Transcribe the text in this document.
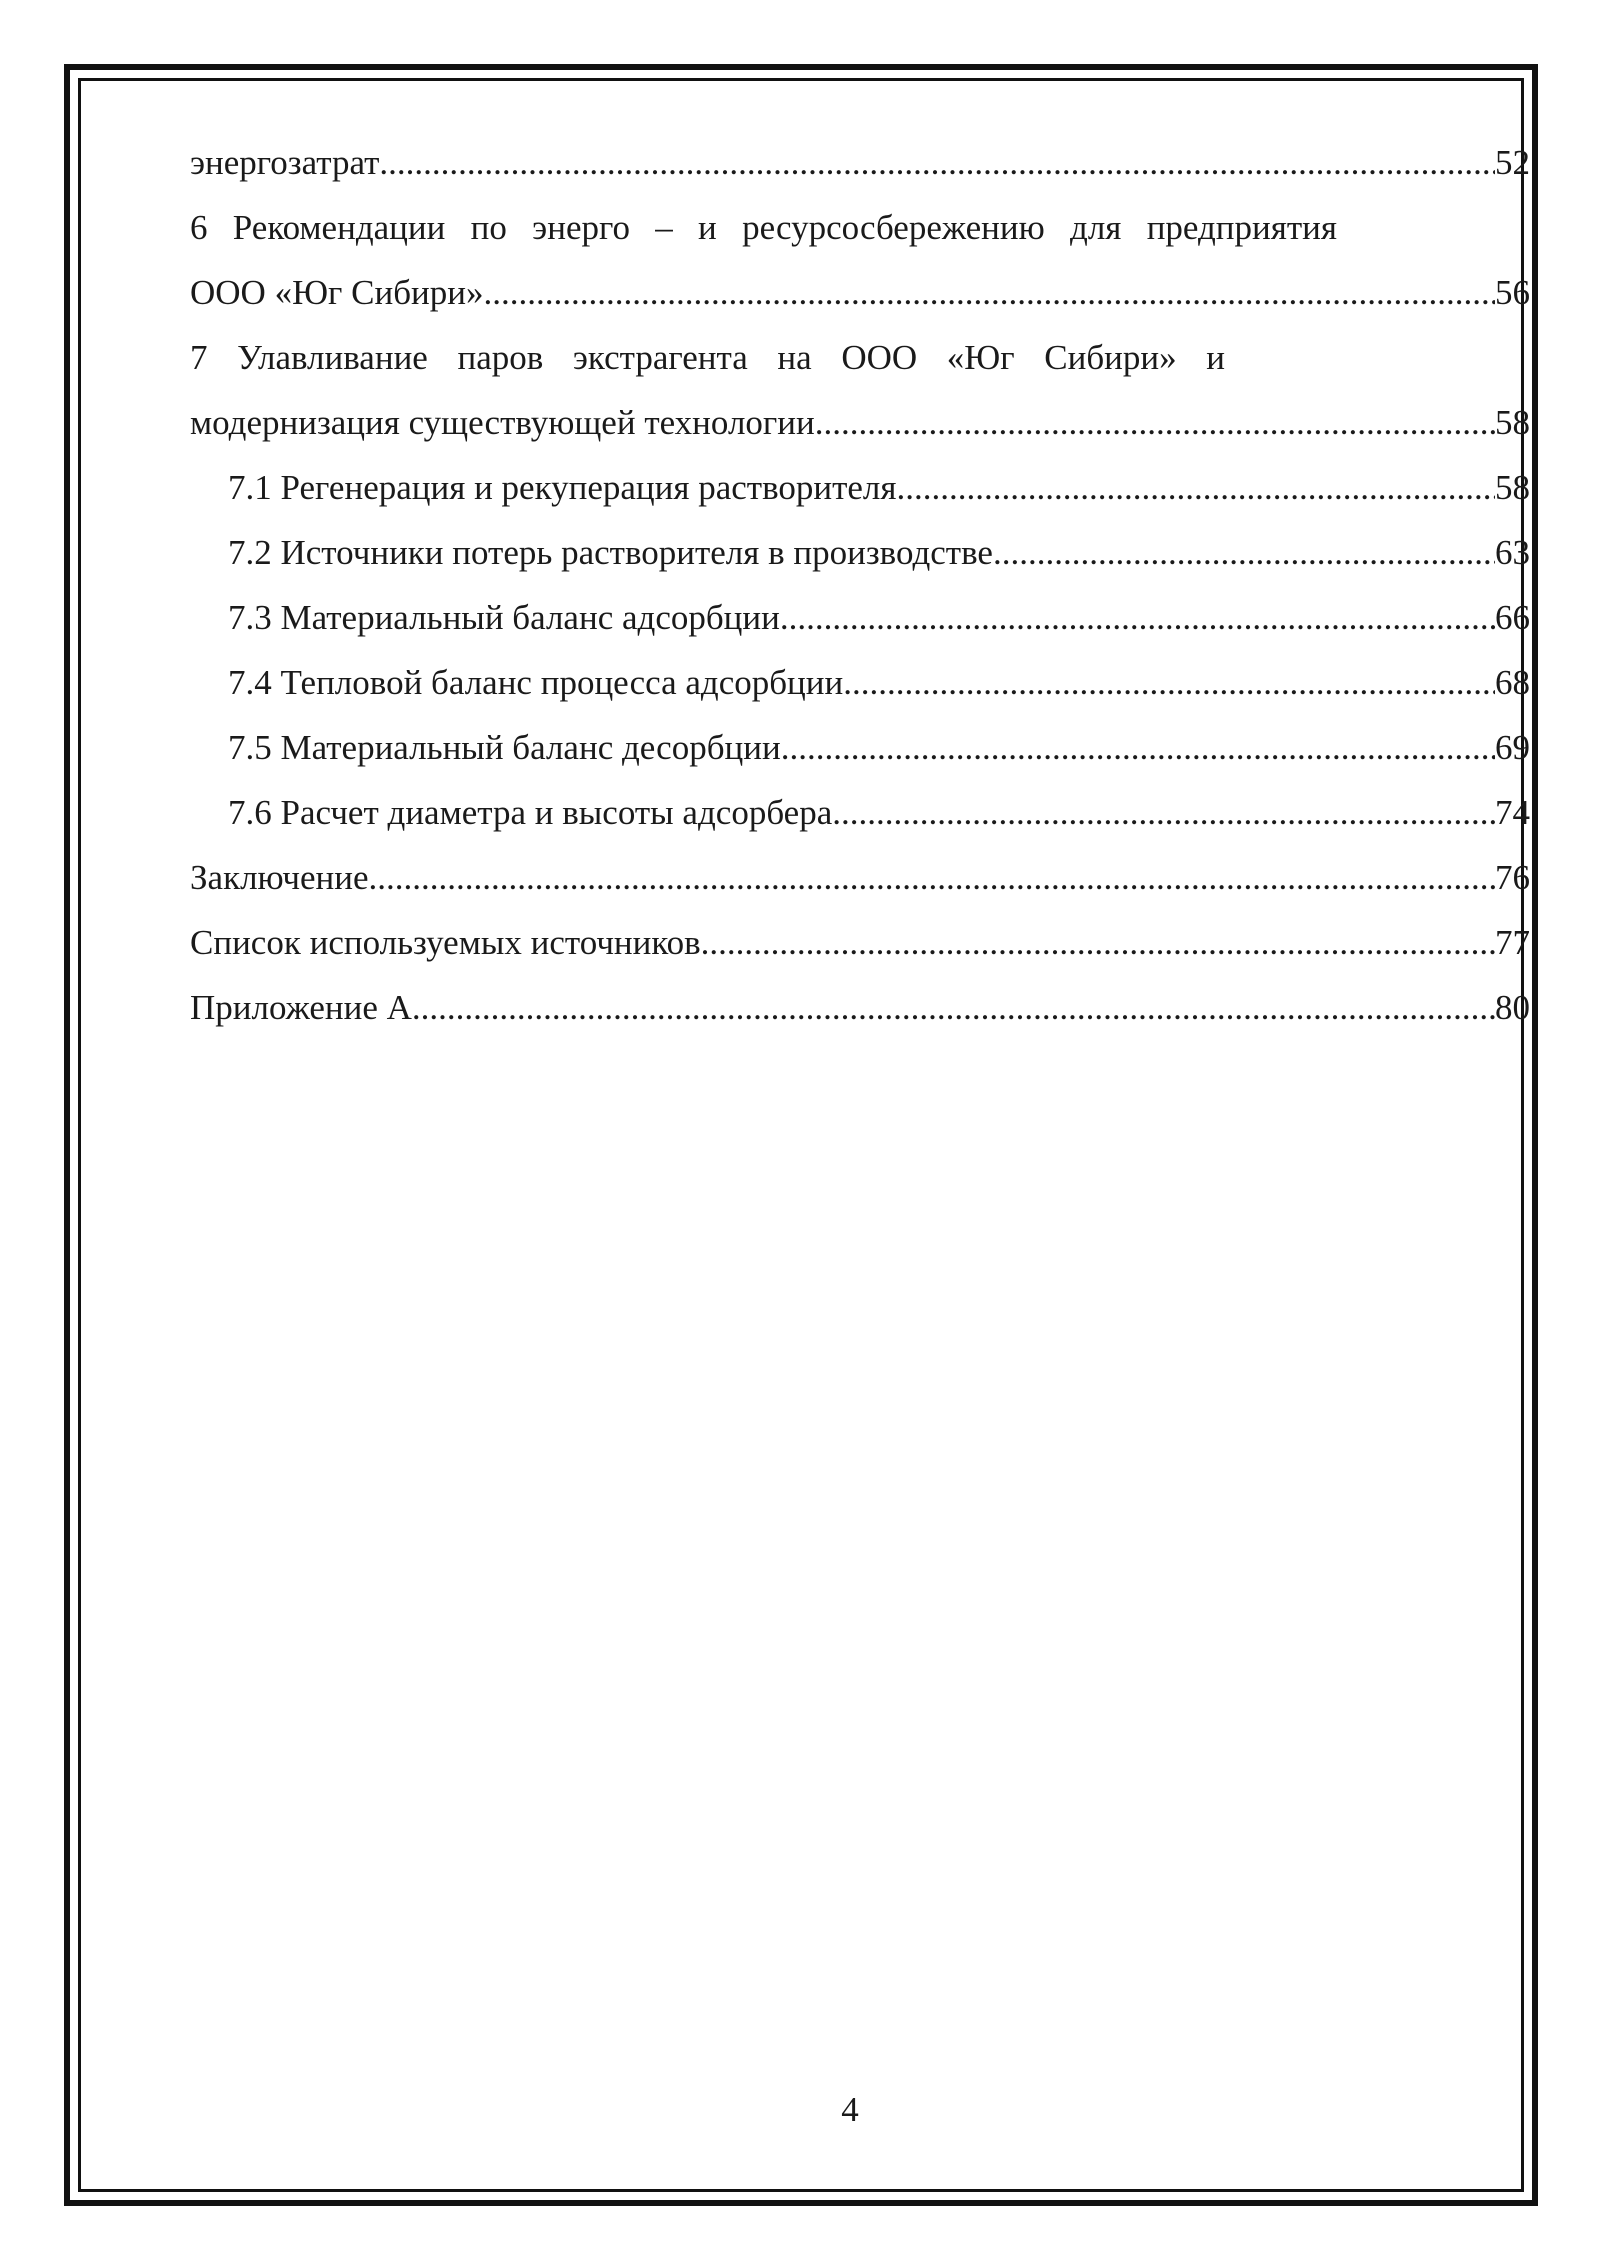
энергозатрат .....	52
6 Рекомендации по энерго – и ресурсосбережению для предприятия
ООО «Юг Сибири» .....	56
7 Улавливание паров экстрагента на ООО «Юг Сибири» и
модернизация существующей технологии .....	58
7.1 Регенерация и рекуперация растворителя .....	58
7.2 Источники потерь растворителя в производстве .....	63
7.3 Материальный баланс адсорбции .....	66
7.4 Тепловой баланс процесса адсорбции .....	68
7.5 Материальный баланс десорбции .....	69
7.6 Расчет диаметра и высоты адсорбера .....	74
Заключение .....	76
Список используемых источников .....	77
Приложение А .....	80
4
